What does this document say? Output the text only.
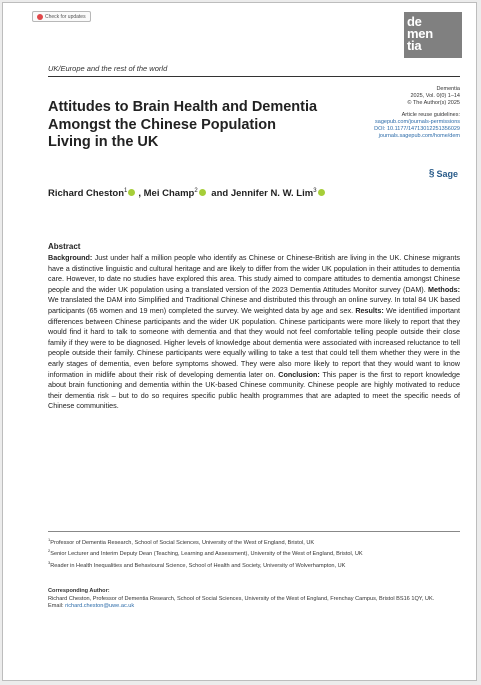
Check for updates	de
men
tia
UK/Europe and the rest of the world
Attitudes to Brain Health and Dementia Amongst the Chinese Population Living in the UK
Dementia
2025, Vol. 0(0) 1–14
© The Author(s) 2025
Article reuse guidelines:
sagepub.com/journals-permissions
DOI: 10.1177/14713012251356029
journals.sagepub.com/home/dem
§ Sage
Richard Cheston$^1$ , Mei Champ$^2$ and Jennifer N. W. Lim$^3$
Abstract
Background: Just under half a million people who identify as Chinese or Chinese-British are living in the UK. Chinese migrants have a distinctive linguistic and cultural heritage and are likely to differ from the wider UK population in their attitudes to dementia care. However, to date no studies have explored this area. This study aimed to compare attitudes to dementia amongst Chinese people and the wider UK population using a translated version of the 2023 Dementia Attitudes Monitor survey (DAM). Methods: We translated the DAM into Simplified and Traditional Chinese and distributed this through an online survey. In total 84 UK based participants (65 women and 19 men) completed the survey. We weighted data by age and sex. Results: We identified important differences between Chinese participants and the wider UK population. Chinese participants were more likely to report that they would find it hard to talk to someone with dementia and that they would not feel comfortable telling people outside their close family if they were to be diagnosed. Higher levels of knowledge about dementia were associated with increased reluctance to tell people outside their family. Chinese participants were equally willing to take a test that could tell them whether they were in the early stages of dementia, even before symptoms showed. They were also more likely to report that they would want to know information in midlife about their risk of developing dementia later on. Conclusion: This paper is the first to report knowledge about brain functioning and dementia within the UK-based Chinese community. Chinese people are highly motivated to reduce their dementia risk – but to do so requires specific public health programmes that are adapted to meet the specific needs of Chinese communities.
$^1$Professor of Dementia Research, School of Social Sciences, University of the West of England, Bristol, UK
$^2$Senior Lecturer and Interim Deputy Dean (Teaching, Learning and Assessment), University of the West of England, Bristol, UK
$^3$Reader in Health Inequalities and Behavioural Science, School of Health and Society, University of Wolverhampton, UK
Corresponding Author:
Richard Cheston, Professor of Dementia Research, School of Social Sciences, University of the West of England, Frenchay Campus, Bristol BS16 1QY, UK.
Email: richard.cheston@uwe.ac.uk
